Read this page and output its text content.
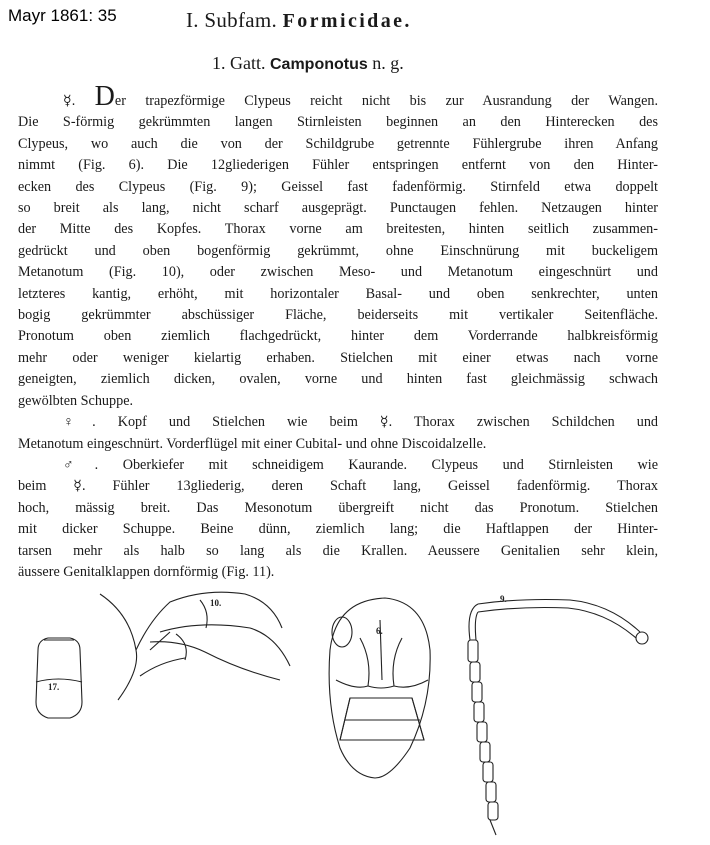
Mayr 1861: 35	I. Subfam. Formicidae.
1. Gatt. Camponotus n. g.
☿. Der trapezförmige Clypeus reicht nicht bis zur Ausrandung der Wangen.
Die S-förmig gekrümmten langen Stirnleisten beginnen an den Hinterecken des
Clypeus, wo auch die von der Schildgrube getrennte Fühlergrube ihren Anfang
nimmt (Fig. 6). Die 12gliederigen Fühler entspringen entfernt von den Hinter-
ecken des Clypeus (Fig. 9); Geissel fast fadenförmig. Stirnfeld etwa doppelt
so breit als lang, nicht scharf ausgeprägt. Punctaugen fehlen. Netzaugen hinter
der Mitte des Kopfes. Thorax vorne am breitesten, hinten seitlich zusammen-
gedrückt und oben bogenförmig gekrümmt, ohne Einschnürung mit buckeligem
Metanotum (Fig. 10), oder zwischen Meso- und Metanotum eingeschnürt und
letzteres kantig, erhöht, mit horizontaler Basal- und oben senkrechter, unten
bogig gekrümmter abschüssiger Fläche, beiderseits mit vertikaler Seitenfläche.
Pronotum oben ziemlich flachgedrückt, hinter dem Vorderrande halbkreisförmig
mehr oder weniger kielartig erhaben. Stielchen mit einer etwas nach vorne
geneigten, ziemlich dicken, ovalen, vorne und hinten fast gleichmässig schwach
gewölbten Schuppe.
♀. Kopf und Stielchen wie beim ☿. Thorax zwischen Schildchen und
Metanotum eingeschnürt. Vorderflügel mit einer Cubital- und ohne Discoidalzelle.
♂. Oberkiefer mit schneidigem Kaurande. Clypeus und Stirnleisten wie
beim ☿. Fühler 13gliederig, deren Schaft lang, Geissel fadenförmig. Thorax
hoch, mässig breit. Das Mesonotum übergreift nicht das Pronotum. Stielchen
mit dicker Schuppe. Beine dünn, ziemlich lang; die Haftlappen der Hinter-
tarsen mehr als halb so lang als die Krallen. Aeussere Genitalien sehr klein,
äussere Genitalklappen dornförmig (Fig. 11).
17.
10.
6.
9.
